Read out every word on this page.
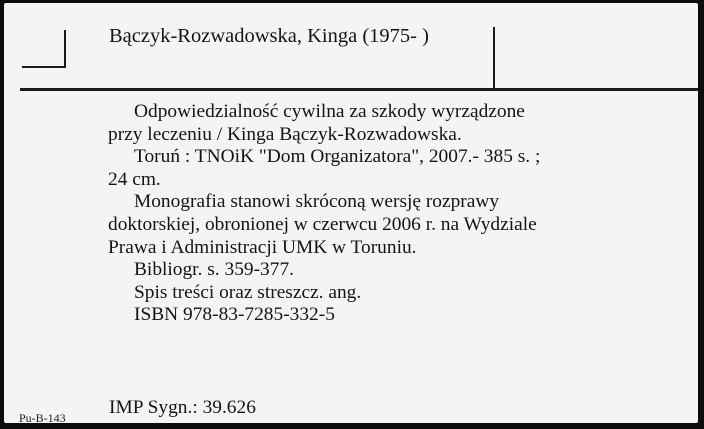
Bączyk-Rozwadowska, Kinga (1975- )
Odpowiedzialność cywilna za szkody wyrządzone
przy leczeniu / Kinga Bączyk-Rozwadowska.
Toruń : TNOiK "Dom Organizatora", 2007.- 385 s. ;
24 cm.
Monografia stanowi skróconą wersję rozprawy
doktorskiej, obronionej w czerwcu 2006 r. na Wydziale
Prawa i Administracji UMK w Toruniu.
Bibliogr. s. 359-377.
Spis treści oraz streszcz. ang.
ISBN 978-83-7285-332-5
IMP Sygn.: 39.626
Pu-B-143
